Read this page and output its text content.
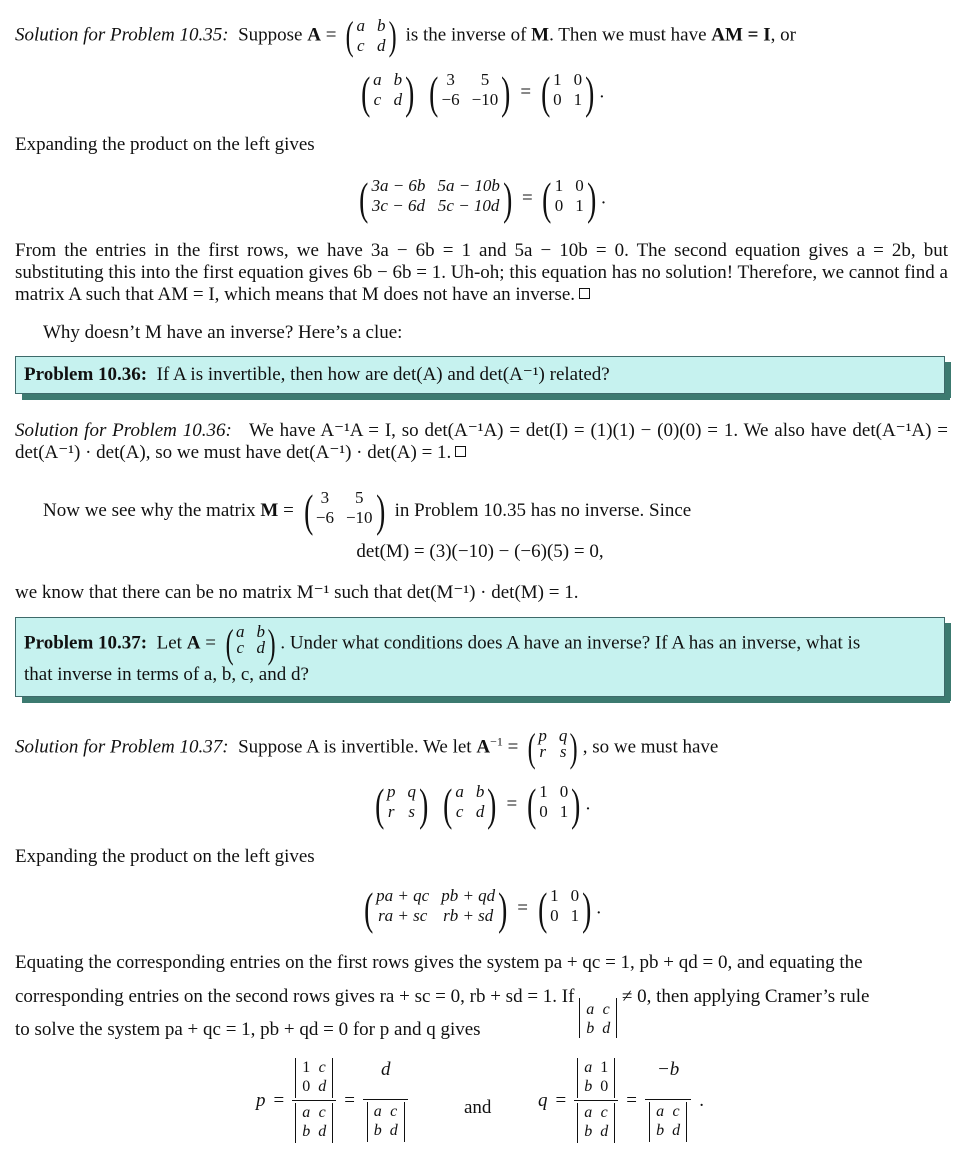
Solution for Problem 10.35: Suppose A = ( a b
c d ) is the inverse of M. Then we must have AM = I, or
( a b
c d )
( 3	5
−6 −10 ) = ( 1 0
0 1 ) .
Expanding the product on the left gives
( 3a − 6b 5a − 10b
3c − 6d 5c − 10d ) = ( 1 0
0 1 ) .
From the entries in the first rows, we have 3a − 6b = 1 and 5a − 10b = 0. The second equation gives a = 2b, but substituting this into the first equation gives 6b − 6b = 1. Uh-oh; this equation has no solution! Therefore, we cannot find a matrix A such that AM = I, which means that M does not have an inverse.
Why doesn’t M have an inverse? Here’s a clue:
Problem 10.36: If A is invertible, then how are det(A) and det(A⁻¹) related?
Solution for Problem 10.36: We have A⁻¹A = I, so det(A⁻¹A) = det(I) = (1)(1) − (0)(0) = 1. We also have det(A⁻¹A) = det(A⁻¹) · det(A), so we must have det(A⁻¹) · det(A) = 1.
Now we see why the matrix M = ( 3	5
−6 −10 ) in Problem 10.35 has no inverse. Since
det(M) = (3)(−10) − (−6)(5) = 0,
we know that there can be no matrix M⁻¹ such that det(M⁻¹) · det(M) = 1.
Problem 10.37: Let A = ( a b
c d ) . Under what conditions does A have an inverse? If A has an inverse, what is
that inverse in terms of a, b, c, and d?
Solution for Problem 10.37: Suppose A is invertible. We let $A^{-1}$ = ( p q
r s ) , so we must have
( p q
r s )
( a b
c d ) = ( 1 0
0 1 ) .
Expanding the product on the left gives
( pa + qc pb + qd
ra + sc rb + sd ) = ( 1 0
0 1 ) .
Equating the corresponding entries on the first rows gives the system pa + qc = 1, pb + qd = 0, and equating the
corresponding entries on the second rows gives ra + sc = 0, rb + sd = 1. If
a c
b d
≠ 0, then applying Cramer’s rule
to solve the system pa + qc = 1, pb + qd = 0 for p and q gives
p = 1 c
0 d
a c
b d = d
a c
b d	and q = a 1
b 0
a c
b d = −b
a c
b d .
